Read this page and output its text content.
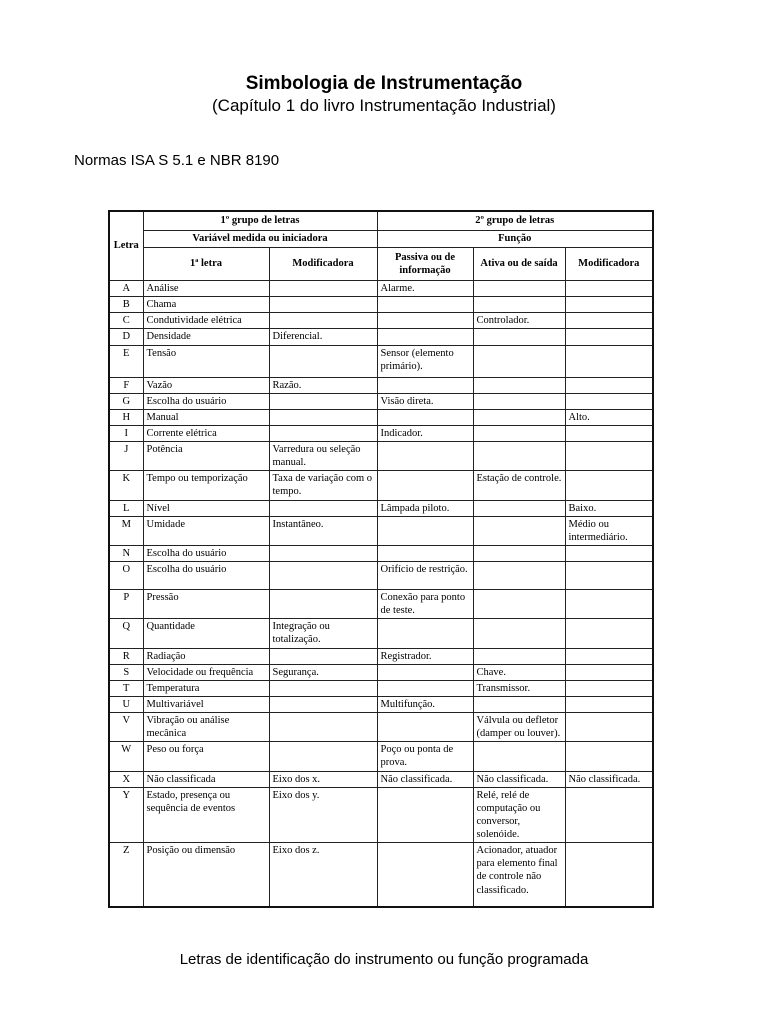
Simbologia de Instrumentação
(Capítulo 1 do livro Instrumentação Industrial)
Normas ISA S 5.1 e NBR 8190
Letra	1º grupo de letras		2º grupo de letras		
	Variável medida ou iniciadora		Função		
	1ª letra	Modificadora	Passiva ou de informação	Ativa ou de saída	Modificadora
A	Análise		Alarme.		
B	Chama				
C	Condutividade elétrica			Controlador.	
D	Densidade	Diferencial.			
E	Tensão		Sensor (elemento primário).		
F	Vazão	Razão.			
G	Escolha do usuário		Visão direta.		
H	Manual				Alto.
I	Corrente elétrica		Indicador.		
J	Potência	Varredura ou seleção manual.			
K	Tempo ou temporização	Taxa de variação com o tempo.		Estação de controle.	
L	Nível		Lâmpada piloto.		Baixo.
M	Umidade	Instantâneo.			Médio ou intermediário.
N	Escolha do usuário				
O	Escolha do usuário		Orifício de restrição.		
P	Pressão		Conexão para ponto de teste.		
Q	Quantidade	Integração ou totalização.			
R	Radiação		Registrador.		
S	Velocidade ou frequência	Segurança.		Chave.	
T	Temperatura			Transmissor.	
U	Multivariável		Multifunção.		
V	Vibração ou análise mecânica			Válvula ou defletor (damper ou louver).	
W	Peso ou força		Poço ou ponta de prova.		
X	Não classificada	Eixo dos x.	Não classificada.	Não classificada.	Não classificada.
Y	Estado, presença ou sequência de eventos	Eixo dos y.		Relé, relé de computação ou conversor, solenóide.	
Z	Posição ou dimensão	Eixo dos z.		Acionador, atuador para elemento final de controle não classificado.	
Letras de identificação do instrumento ou função programada
